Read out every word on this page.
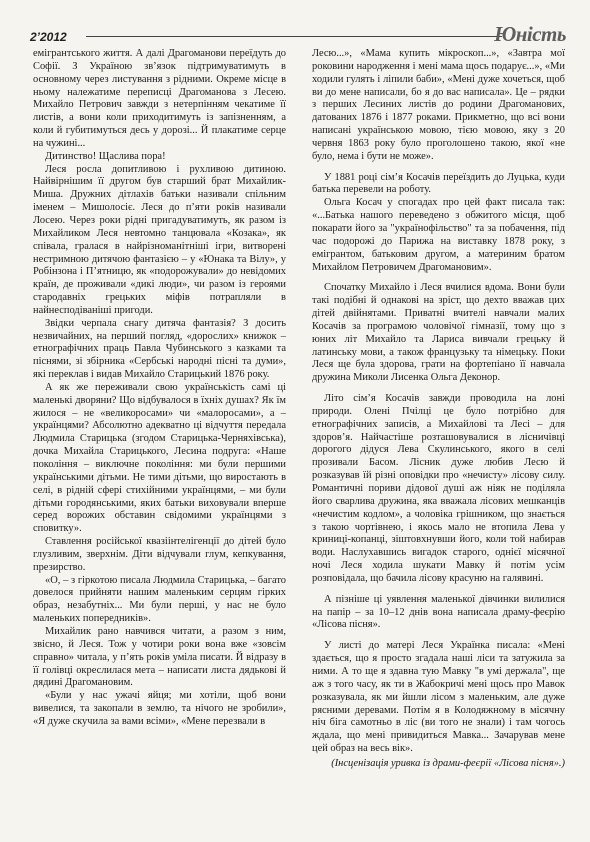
2’2012	Юнiсть

емігрантського життя. А далі Драгоманови переїдуть до Софії. З Україною зв’язок підтримуватимуть в основному через листування з рідними. Окреме місце в ньому належатиме переписці Драгоманова з Лесею. Михайло Петрович завжди з нетерпінням чекатиме її листів, а вони коли приходитимуть із запізненням, а коли й губитимуться десь у дорозі... Й плакатиме серце на чужині...

Дитинство! Щаслива пора!

Леся росла допитливою і рухливою дитиною. Найвірнішим її другом був старший брат Михайлик-Миша. Дружних дітлахів батьки називали спільним іменем – Мишолосіє. Леся до п’яти років називали Лосею. Через роки рідні пригадуватимуть, як разом із Михайликом Леся невтомно танцювала «Козака», як співала, гралася в найрізноманітніші ігри, витворені нестримною дитячою фантазією – у «Юнака та Вілу», у Робінзона і П’ятницю, як «подорожували» до невідомих країн, де проживали «дикі люди», чи разом із героями стародавніх грецьких міфів потрапляли в найнесподіваніші пригоди.

Звідки черпала снагу дитяча фантазія? З досить незвичайних, на перший погляд, «дорослих» книжок – етнографічних праць Павла Чубинського з казками та піснями, зі збірника «Сербські народні пісні та думи», які переклав і видав Михайло Старицький 1876 року.

А як же переживали свою українськість самі ці маленькі дворяни? Що відбувалося в їхніх душах? Як їм жилося – не «великоросами» чи «малоросами», а – українцями? Абсолютно адекватно ці відчуття передала Людмила Старицька (згодом Старицька-Черняхівська), дочка Михайла Старицького, Лесина подруга: «Наше покоління – виключне покоління: ми були першими українськими дітьми. Не тими дітьми, що виростають в селі, в рідній сфері стихійними українцями, – ми були дітьми городянськими, яких батьки виховували вперше серед ворожих обставин свідомими українцями з сповитку».

Ставлення російської квазіінтелігенції до дітей було глузливим, зверхнім. Діти відчували глум, кепкування, презирство.

«О, – з гіркотою писала Людмила Старицька, – багато довелося прийняти нашим маленьким серцям гірких образ, незабутніх... Ми були перші, у нас не було маленьких попередників».

Михайлик рано навчився читати, а разом з ним, звісно, й Леся. Тож у чотири роки вона вже «зовсім справно» читала, у п’ять років уміла писати. Й відразу в її голівці окреслилася мета – написати листа дядькові й дядині Драгомановим.

«Були у нас ужачі яйця; ми хотіли, щоб вони вивелися, та закопали в землю, та нічого не зробили», «Я дуже скучила за вами всіми», «Мене перезвали в

Лесю...», «Мама купить мікроскоп...», «Завтра мої роковини народження і мені мама щось подарує...», «Ми ходили гулять і ліпили баби», «Мені дуже хочеться, щоб ви до мене написали, бо я до вас написала». Це – рядки з перших Лесиних листів до родини Драгоманових, датованих 1876 і 1877 роками. Прикметно, що всі вони написані українською мовою, тією мовою, яку з 20 червня 1863 року було проголошено такою, якої «не було, нема і бути не може».

У 1881 році сім’я Косачів переїздить до Луцька, куди батька перевели на роботу.

Ольга Косач у спогадах про цей факт писала так: «...Батька нашого переведено з обжитого місця, щоб покарати його за "українофільство" та за побачення, під час подорожі до Парижа на виставку 1878 року, з емігрантом, батьковим другом, а материним братом Михайлом Петровичем Драгомановим».

Спочатку Михайло і Леся вчилися вдома. Вони були такі подібні й однакові на зріст, що дехто вважав цих дітей двійнятами. Приватні вчителі навчали малих Косачів за програмою чоловічої гімназії, тому що з юних літ Михайло та Лариса вивчали грецьку й латинську мови, а також французьку та німецьку. Поки Леся ще була здорова, грати на фортепіано її навчала дружина Миколи Лисенка Ольга Деконор.

Літо сім’я Косачів завжди проводила на лоні природи. Олені Пчілці це було потрібно для етнографічних записів, а Михайлові та Лесі – для здоров’я. Найчастіше розташовувалися в лісничівці дорогого дідуся Лева Скулинського, якого в селі прозивали Басом. Лісник дуже любив Лесю й розказував їй різні оповідки про «нечисту» лісову силу. Романтичні пориви дідової душі аж ніяк не поділяла його сварлива дружина, яка вважала лісових мешканців «нечистим кодлом», а чоловіка грішником, що знається з такою чортівнею, і якось мало не втопила Лева у криниці-копанці, зіштовхнувши його, коли той набирав води. Наслухавшись вигадок старого, однієї місячної ночі Леся ходила шукати Мавку й потім усім розповідала, що бачила лісову красуню на галявині.

А пізніше ці уявлення маленької дівчинки вилилися на папір – за 10–12 днів вона написала драму-феєрію «Лісова пісня».

У листі до матері Леся Українка писала: «Мені здається, що я просто згадала наші ліси та затужила за ними. А то ще я здавна тую Мавку "в умі держала", ще аж з того часу, як ти в Жабокричі мені щось про Мавок розказувала, як ми йшли лісом з маленьким, але дуже рясними деревами. Потім я в Колодяжному в місячну ніч біга самотньо в ліс (ви того не знали) і там чогось ждала, що мені привидиться Мавка... Зачарував мене цей образ на весь вік».

(Інсценізація уривка із драми-феєрії «Лісова пісня».)
